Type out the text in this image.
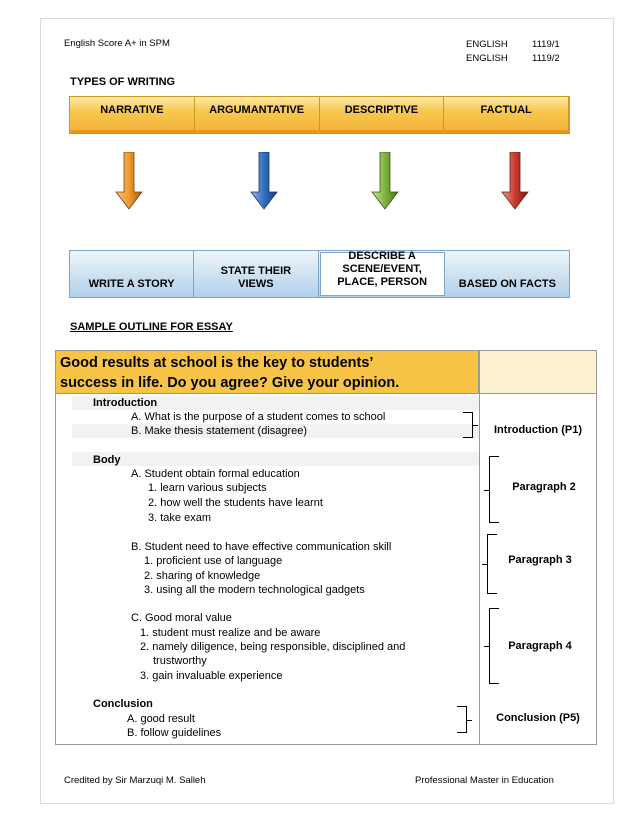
English Score A+ in SPM	ENGLISH	1119/1
ENGLISH	1119/2
TYPES OF WRITING
NARRATIVE	ARGUMANTATIVE	DESCRIPTIVE	FACTUAL
WRITE A STORY
STATE THEIR
VIEWS
DESCRIBE A
SCENE/EVENT,
PLACE, PERSON	BASED ON FACTS
SAMPLE OUTLINE FOR ESSAY
Good results at school is the key to students’
success in life. Do you agree? Give your opinion.
Introduction
A. What is the purpose of a student comes to school
B. Make thesis statement (disagree)
Body
A. Student obtain formal education
1. learn various subjects
2. how well the students have learnt
3. take exam
B. Student need to have effective communication skill
1. proficient use of language
2. sharing of knowledge
3. using all the modern technological gadgets
C. Good moral value
1. student must realize and be aware
2. namely diligence, being responsible, disciplined and
trustworthy
3. gain invaluable experience
Conclusion
A. good result
B. follow guidelines
Introduction (P1)
Paragraph 2
Paragraph 3
Paragraph 4
Conclusion (P5)
Credited by Sir Marzuqi M. Salleh	Professional Master in Education
